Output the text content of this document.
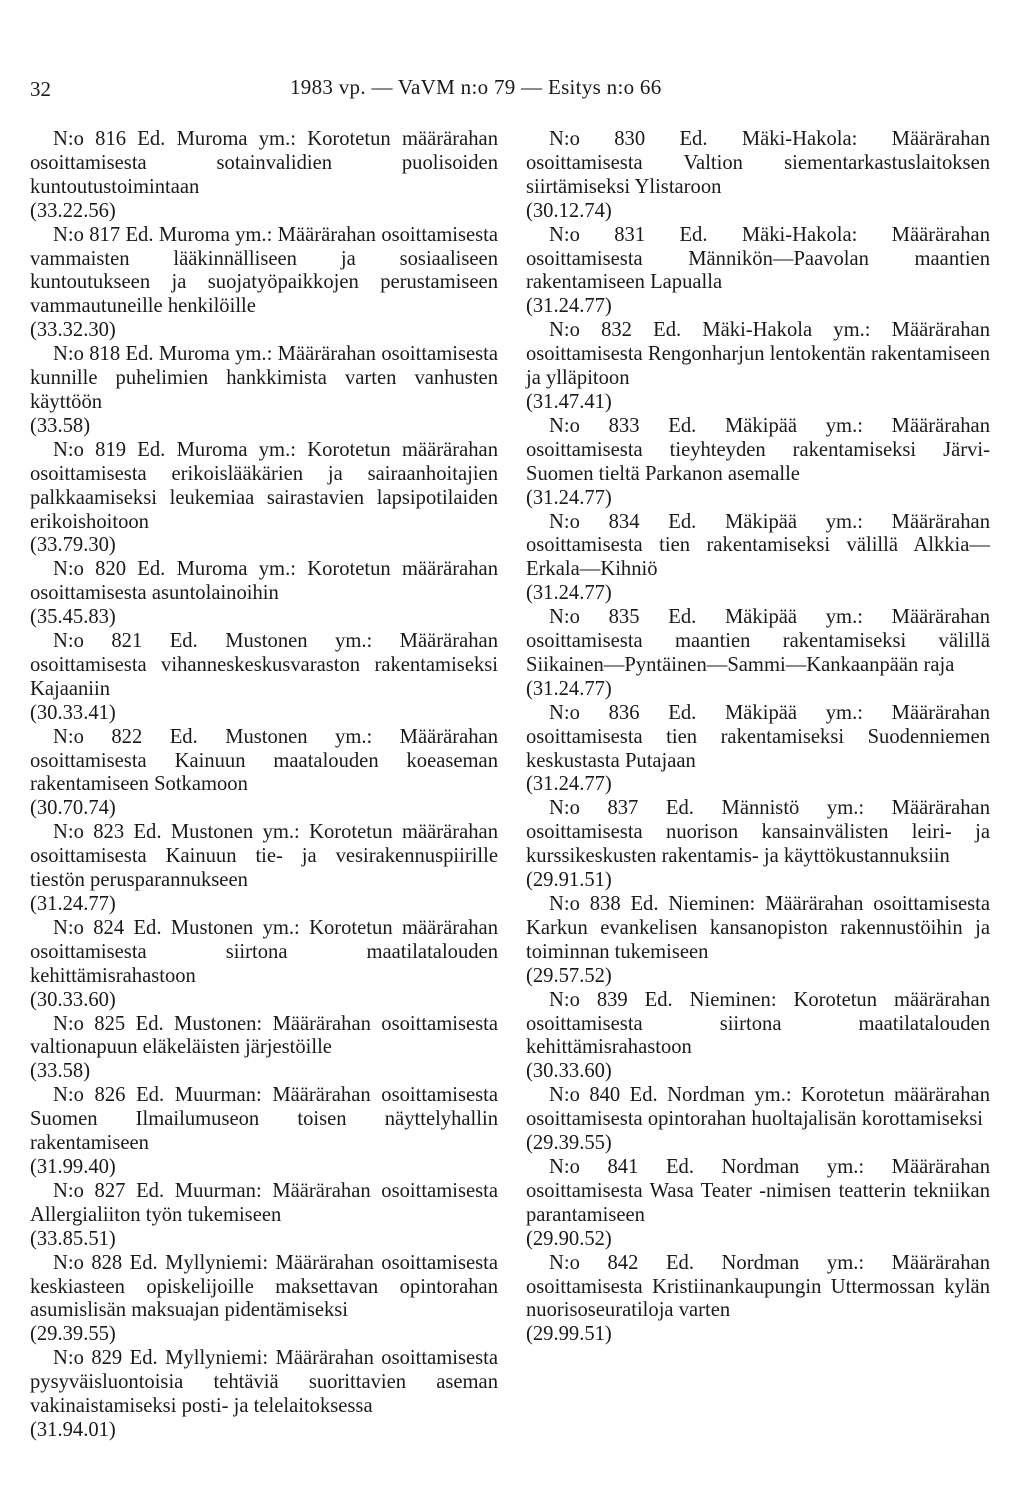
32	1983 vp. — VaVM n:o 79 — Esitys n:o 66

N:o 816 Ed. Muroma ym.: Korotetun määrärahan osoittamisesta sotainvalidien puolisoiden kuntoutustoimintaan

(33.22.56)

N:o 817 Ed. Muroma ym.: Määrärahan osoittamisesta vammaisten lääkinnälliseen ja sosiaaliseen kuntoutukseen ja suojatyöpaikkojen perustamiseen vammautuneille henkilöille

(33.32.30)

N:o 818 Ed. Muroma ym.: Määrärahan osoittamisesta kunnille puhelimien hankkimista varten vanhusten käyttöön

(33.58)

N:o 819 Ed. Muroma ym.: Korotetun määrärahan osoittamisesta erikoislääkärien ja sairaanhoitajien palkkaamiseksi leukemiaa sairastavien lapsipotilaiden erikoishoitoon

(33.79.30)

N:o 820 Ed. Muroma ym.: Korotetun määrärahan osoittamisesta asuntolainoihin

(35.45.83)

N:o 821 Ed. Mustonen ym.: Määrärahan osoittamisesta vihanneskeskusvaraston rakentamiseksi Kajaaniin

(30.33.41)

N:o 822 Ed. Mustonen ym.: Määrärahan osoittamisesta Kainuun maatalouden koeaseman rakentamiseen Sotkamoon

(30.70.74)

N:o 823 Ed. Mustonen ym.: Korotetun määrärahan osoittamisesta Kainuun tie- ja vesirakennuspiirille tiestön perusparannukseen

(31.24.77)

N:o 824 Ed. Mustonen ym.: Korotetun määrärahan osoittamisesta siirtona maatilatalouden kehittämisrahastoon

(30.33.60)

N:o 825 Ed. Mustonen: Määrärahan osoittamisesta valtionapuun eläkeläisten järjestöille

(33.58)

N:o 826 Ed. Muurman: Määrärahan osoittamisesta Suomen Ilmailumuseon toisen näyttelyhallin rakentamiseen

(31.99.40)

N:o 827 Ed. Muurman: Määrärahan osoittamisesta Allergialiiton työn tukemiseen

(33.85.51)

N:o 828 Ed. Myllyniemi: Määrärahan osoittamisesta keskiasteen opiskelijoille maksettavan opintorahan asumislisän maksuajan pidentämiseksi

(29.39.55)

N:o 829 Ed. Myllyniemi: Määrärahan osoittamisesta pysyväisluontoisia tehtäviä suorittavien aseman vakinaistamiseksi posti- ja telelaitoksessa

(31.94.01)

N:o 830 Ed. Mäki-Hakola: Määrärahan osoittamisesta Valtion siementarkastuslaitoksen siirtämiseksi Ylistaroon

(30.12.74)

N:o 831 Ed. Mäki-Hakola: Määrärahan osoittamisesta Männikön—Paavolan maantien rakentamiseen Lapualla

(31.24.77)

N:o 832 Ed. Mäki-Hakola ym.: Määrärahan osoittamisesta Rengonharjun lentokentän rakentamiseen ja ylläpitoon

(31.47.41)

N:o 833 Ed. Mäkipää ym.: Määrärahan osoittamisesta tieyhteyden rakentamiseksi Järvi-Suomen tieltä Parkanon asemalle

(31.24.77)

N:o 834 Ed. Mäkipää ym.: Määrärahan osoittamisesta tien rakentamiseksi välillä Alkkia—Erkala—Kihniö

(31.24.77)

N:o 835 Ed. Mäkipää ym.: Määrärahan osoittamisesta maantien rakentamiseksi välillä Siikainen—Pyntäinen—Sammi—Kankaanpään raja

(31.24.77)

N:o 836 Ed. Mäkipää ym.: Määrärahan osoittamisesta tien rakentamiseksi Suodenniemen keskustasta Putajaan

(31.24.77)

N:o 837 Ed. Männistö ym.: Määrärahan osoittamisesta nuorison kansainvälisten leiri- ja kurssikeskusten rakentamis- ja käyttökustannuksiin

(29.91.51)

N:o 838 Ed. Nieminen: Määrärahan osoittamisesta Karkun evankelisen kansanopiston rakennustöihin ja toiminnan tukemiseen

(29.57.52)

N:o 839 Ed. Nieminen: Korotetun määrärahan osoittamisesta siirtona maatilatalouden kehittämisrahastoon

(30.33.60)

N:o 840 Ed. Nordman ym.: Korotetun määrärahan osoittamisesta opintorahan huoltajalisän korottamiseksi

(29.39.55)

N:o 841 Ed. Nordman ym.: Määrärahan osoittamisesta Wasa Teater -nimisen teatterin tekniikan parantamiseen

(29.90.52)

N:o 842 Ed. Nordman ym.: Määrärahan osoittamisesta Kristiinankaupungin Uttermossan kylän nuorisoseuratiloja varten

(29.99.51)
